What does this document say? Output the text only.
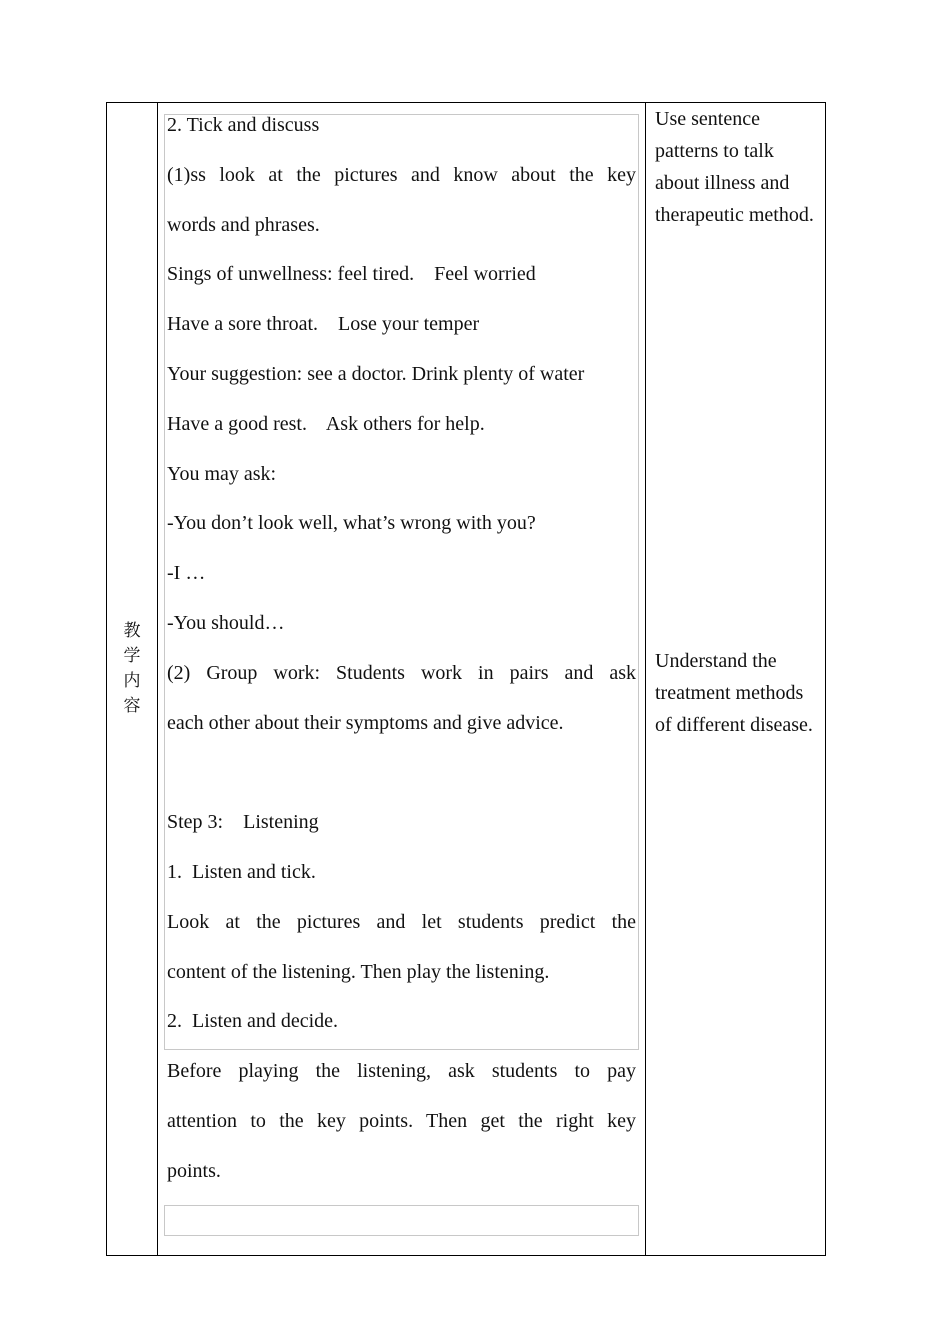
教学内容
2. Tick and discuss
(1)ss look at the pictures and know about the key
words and phrases.
Sings of unwellness: feel tired.    Feel worried
Have a sore throat.    Lose your temper
Your suggestion: see a doctor. Drink plenty of water
Have a good rest.    Ask others for help.
You may ask:
-You don’t look well, what’s wrong with you?
-I …
-You should…
(2) Group work: Students work in pairs and ask
each other about their symptoms and give advice.
Step 3:    Listening
1.  Listen and tick.
Look at the pictures and let students predict the
content of the listening. Then play the listening.
2.  Listen and decide.
Before playing the listening, ask students to pay
attention to the key points. Then get the right key
points.
Use sentence patterns to talk about illness and therapeutic method.
Understand the treatment methods of different disease.
